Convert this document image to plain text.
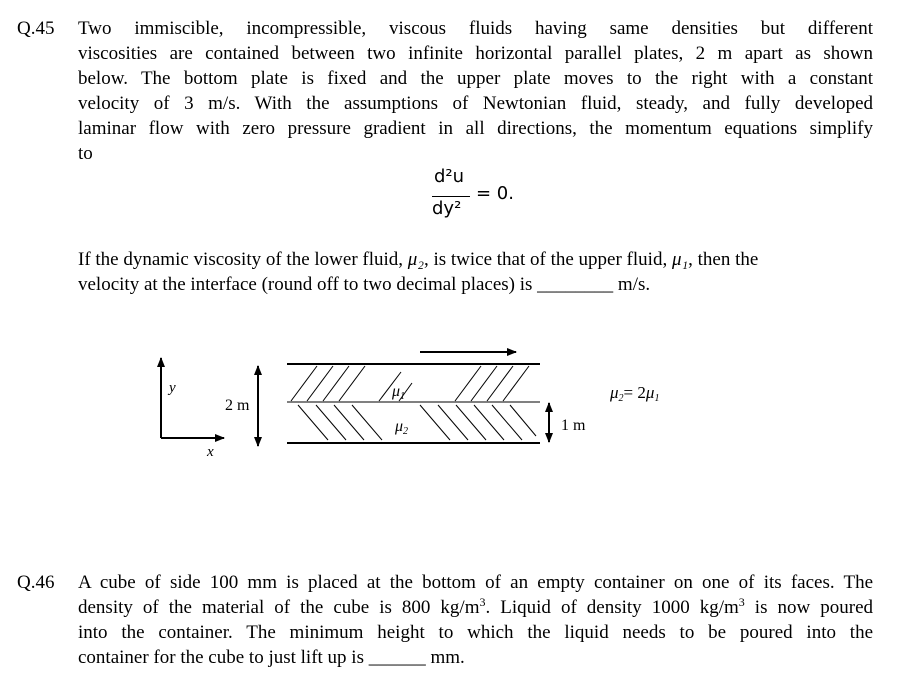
Q.45 Two immiscible, incompressible, viscous fluids having same densities but different
viscosities are contained between two infinite horizontal parallel plates, 2 m apart as shown
below. The bottom plate is fixed and the upper plate moves to the right with a constant
velocity of 3 m/s. With the assumptions of Newtonian fluid, steady, and fully developed
laminar flow with zero pressure gradient in all directions, the momentum equations simplify
to
d²u
dy²
= 0.
If the dynamic viscosity of the lower fluid, μ₂, is twice that of the upper fluid, μ₁, then the
velocity at the interface (round off to two decimal places) is ________ m/s.
y
x
2 m
μ1
μ2	1 m
μ2= 2μ1
Q.46 A cube of side 100 mm is placed at the bottom of an empty container on one of its faces. The
density of the material of the cube is 800 $kg/m^3$. Liquid of density 1000 $kg/m^3$ is now poured
into the container. The minimum height to which the liquid needs to be poured into the
container for the cube to just lift up is ______ mm.
